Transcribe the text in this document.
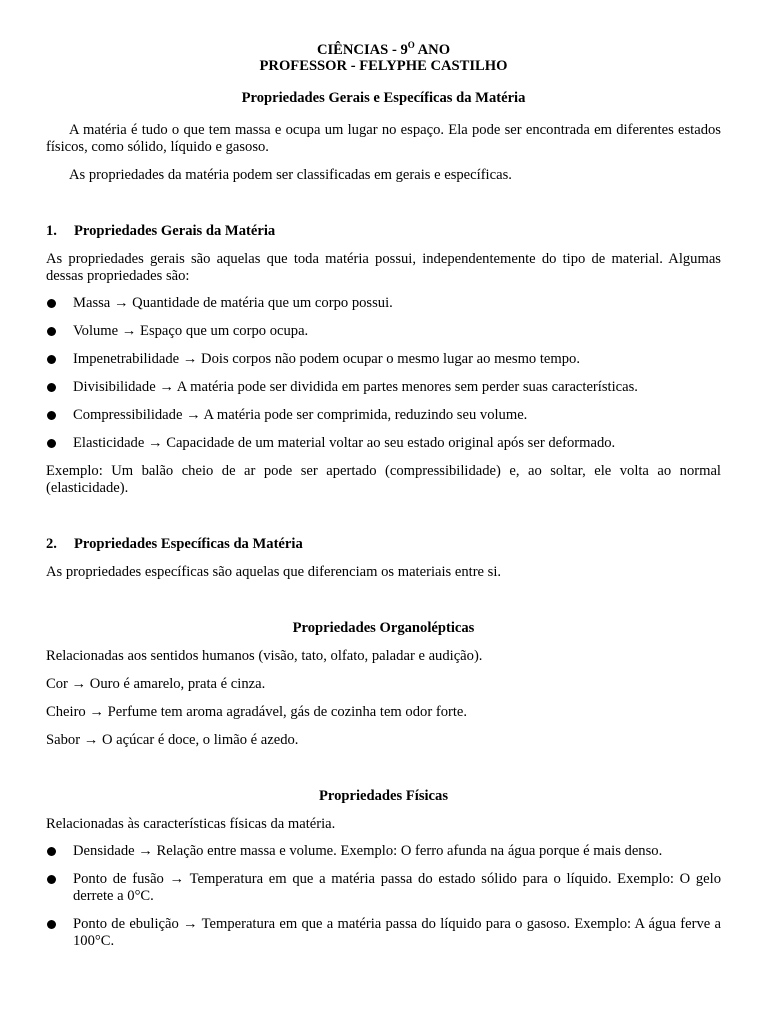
CIÊNCIAS - $9^O$ ANO
PROFESSOR - FELYPHE CASTILHO
Propriedades Gerais e Específicas da Matéria

A matéria é tudo o que tem massa e ocupa um lugar no espaço. Ela pode ser encontrada em diferentes estados físicos, como sólido, líquido e gasoso.

As propriedades da matéria podem ser classificadas em gerais e específicas.

1.	Propriedades Gerais da Matéria

As propriedades gerais são aquelas que toda matéria possui, independentemente do tipo de material. Algumas dessas propriedades são:

Massa → Quantidade de matéria que um corpo possui.
Volume → Espaço que um corpo ocupa.
Impenetrabilidade → Dois corpos não podem ocupar o mesmo lugar ao mesmo tempo.
Divisibilidade → A matéria pode ser dividida em partes menores sem perder suas características.
Compressibilidade → A matéria pode ser comprimida, reduzindo seu volume.
Elasticidade → Capacidade de um material voltar ao seu estado original após ser deformado.

Exemplo: Um balão cheio de ar pode ser apertado (compressibilidade) e, ao soltar, ele volta ao normal (elasticidade).

2.	Propriedades Específicas da Matéria

As propriedades específicas são aquelas que diferenciam os materiais entre si.

Propriedades Organolépticas

Relacionadas aos sentidos humanos (visão, tato, olfato, paladar e audição).

Cor → Ouro é amarelo, prata é cinza.

Cheiro → Perfume tem aroma agradável, gás de cozinha tem odor forte.

Sabor → O açúcar é doce, o limão é azedo.

Propriedades Físicas

Relacionadas às características físicas da matéria.

Densidade → Relação entre massa e volume. Exemplo: O ferro afunda na água porque é mais denso.
Ponto de fusão → Temperatura em que a matéria passa do estado sólido para o líquido. Exemplo: O gelo derrete a 0°C.
Ponto de ebulição → Temperatura em que a matéria passa do líquido para o gasoso. Exemplo: A água ferve a 100°C.
